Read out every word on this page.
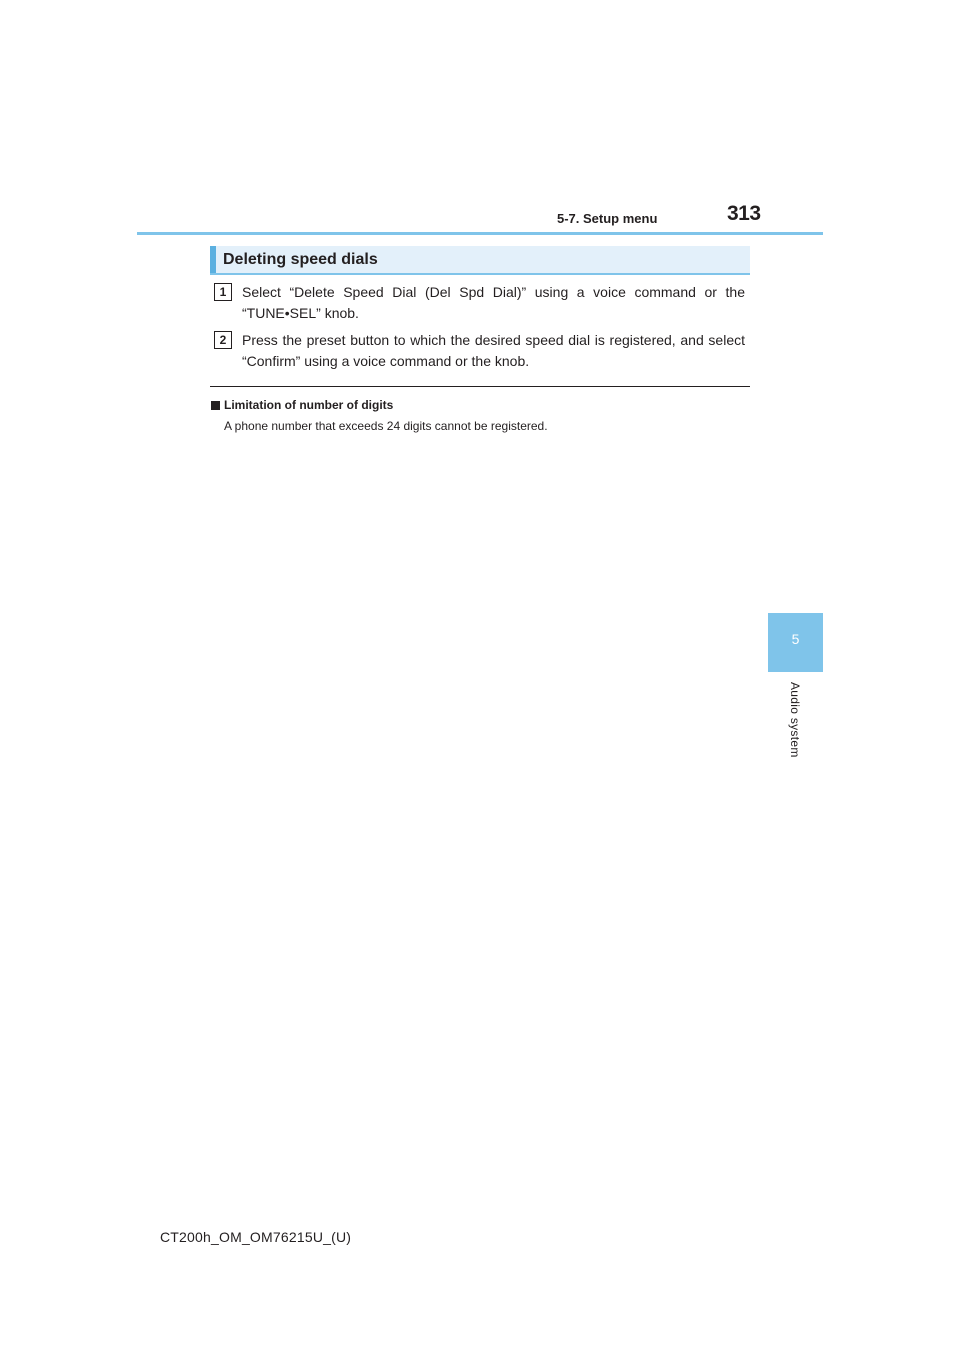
5-7. Setup menu	313
5
Audio system
Deleting speed dials
1	Select “Delete Speed Dial (Del Spd Dial)” using a voice command or the “TUNE•SEL” knob.
2	Press the preset button to which the desired speed dial is registered, and select “Confirm” using a voice command or the knob.
Limitation of number of digits
A phone number that exceeds 24 digits cannot be registered.
CT200h_OM_OM76215U_(U)
